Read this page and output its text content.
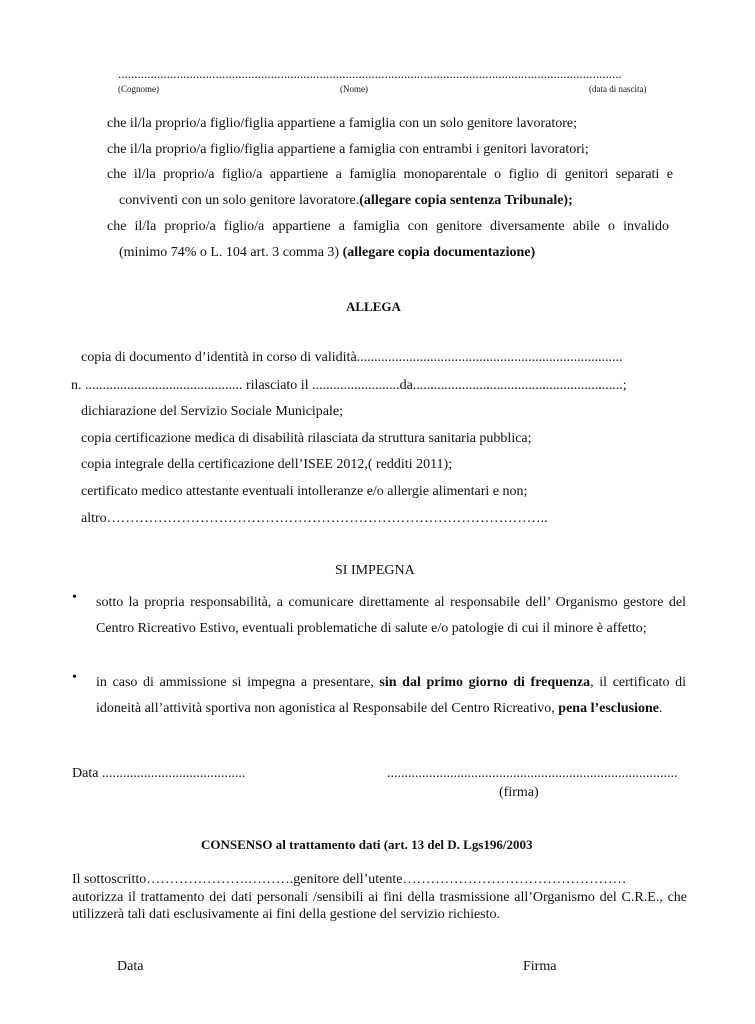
...........................................................................................................................................................
(Cognome)	(Nome)	(data di nascita)
che il/la proprio/a figlio/figlia appartiene a famiglia con un solo genitore lavoratore;
che il/la proprio/a figlio/figlia appartiene a famiglia con entrambi i genitori lavoratori;
che il/la proprio/a figlio/a appartiene a famiglia monoparentale o figlio di genitori separati e
conviventi con un solo genitore lavoratore.(allegare copia sentenza Tribunale);
che il/la proprio/a figlio/a appartiene a famiglia con genitore diversamente abile o invalido
(minimo 74% o L. 104 art. 3 comma 3) (allegare copia documentazione)
ALLEGA
copia di documento d’identità in corso di validità............................................................................
n. ............................................. rilasciato il .........................da............................................................;
dichiarazione del Servizio Sociale Municipale;
copia certificazione medica di disabilità rilasciata da struttura sanitaria pubblica;
copia integrale della certificazione dell’ISEE 2012,( redditi 2011);
certificato medico attestante eventuali intolleranze e/o allergie alimentari e non;
altro…………………………………………………………………………………..
SI IMPEGNA
• sotto la propria responsabilità, a comunicare direttamente al responsabile dell’ Organismo gestore del Centro Ricreativo Estivo, eventuali problematiche di salute e/o patologie di cui il minore è affetto;
• in caso di ammissione si impegna a presentare, sin dal primo giorno di frequenza, il certificato di idoneità all’attività sportiva non agonistica al Responsabile del Centro Ricreativo, pena l’esclusione.
Data .........................................	...................................................................................
(firma)
CONSENSO al trattamento dati (art. 13 del D. Lgs196/2003
Il sottoscritto………………….……….genitore dell’utente…………………………………………
autorizza il trattamento dei dati personali /sensibili ai fini della trasmissione all’Organismo del C.R.E., che utilizzerà tali dati esclusivamente ai fini della gestione del servizio richiesto.
Data	Firma
